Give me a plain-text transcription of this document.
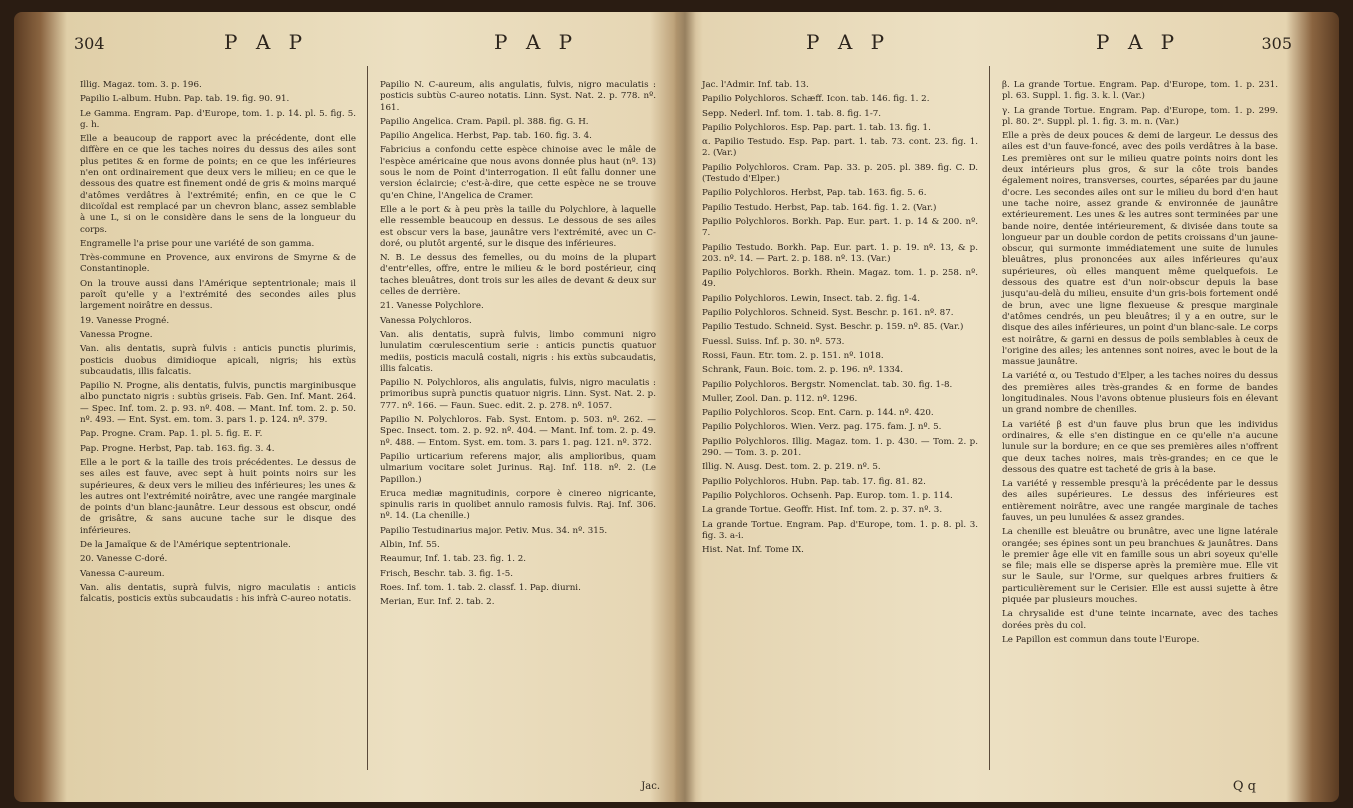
304	P A P	P A P

Illig. Magaz. tom. 3. p. 196.

Papilio L-album. Hubn. Pap. tab. 19. fig. 90. 91.

Le Gamma. Engram. Pap. d'Europe, tom. 1. p. 14. pl. 5. fig. 5. g. h.

Elle a beaucoup de rapport avec la précédente, dont elle diffère en ce que les taches noires du dessus des ailes sont plus petites & en forme de points; en ce que les inférieures n'en ont ordinairement que deux vers le milieu; en ce que le dessous des quatre est finement ondé de gris & moins marqué d'atômes verdâtres à l'extrémité; enfin, en ce que le C diicoïdal est remplacé par un chevron blanc, assez semblable à une L, si on le considère dans le sens de la longueur du corps.

Engramelle l'a prise pour une variété de son gamma.

Très-commune en Provence, aux environs de Smyrne & de Constantinople.

On la trouve aussi dans l'Amérique septentrionale; mais il paroît qu'elle y a l'extrémité des secondes ailes plus largement noirâtre en dessus.

19. Vanesse Progné.

Vanessa Progne.

Van. alis dentatis, suprà fulvis : anticis punctis plurimis, posticis duobus dimidioque apicali, nigris; his extùs subcaudatis, illis falcatis.

Papilio N. Progne, alis dentatis, fulvis, punctis marginibusque albo punctato nigris : subtùs griseis. Fab. Gen. Inf. Mant. 264. — Spec. Inf. tom. 2. p. 93. nº. 408. — Mant. Inf. tom. 2. p. 50. nº. 493. — Ent. Syst. em. tom. 3. pars 1. p. 124. nº. 379.

Pap. Progne. Cram. Pap. 1. pl. 5. fig. E. F.

Pap. Progne. Herbst, Pap. tab. 163. fig. 3. 4.

Elle a le port & la taille des trois précédentes. Le dessus de ses ailes est fauve, avec sept à huit points noirs sur les supérieures, & deux vers le milieu des inférieures; les unes & les autres ont l'extrémité noirâtre, avec une rangée marginale de points d'un blanc-jaunâtre. Leur dessous est obscur, ondé de grisâtre, & sans aucune tache sur le disque des inférieures.

De la Jamaïque & de l'Amérique septentrionale.

20. Vanesse C-doré.

Vanessa C-aureum.

Van. alis dentatis, suprà fulvis, nigro maculatis : anticis falcatis, posticis extùs subcaudatis : his infrà C-aureo notatis.

Papilio N. C-aureum, alis angulatis, fulvis, nigro maculatis : posticis subtùs C-aureo notatis. Linn. Syst. Nat. 2. p. 778. nº. 161.

Papilio Angelica. Cram. Papil. pl. 388. fig. G. H.

Papilio Angelica. Herbst, Pap. tab. 160. fig. 3. 4.

Fabricius a confondu cette espèce chinoise avec le mâle de l'espèce américaine que nous avons donnée plus haut (nº. 13) sous le nom de Point d'interrogation. Il eût fallu donner une version éclaircie; c'est-à-dire, que cette espèce ne se trouve qu'en Chine, l'Angelica de Cramer.

Elle a le port & à peu près la taille du Polychlore, à laquelle elle ressemble beaucoup en dessus. Le dessous de ses ailes est obscur vers la base, jaunâtre vers l'extrémité, avec un C-doré, ou plutôt argenté, sur le disque des inférieures.

N. B. Le dessus des femelles, ou du moins de la plupart d'entr'elles, offre, entre le milieu & le bord postérieur, cinq taches bleuâtres, dont trois sur les ailes de devant & deux sur celles de derrière.

21. Vanesse Polychlore.

Vanessa Polychloros.

Van. alis dentatis, suprà fulvis, limbo communi nigro lunulatim cœrulescentium serie : anticis punctis quatuor mediis, posticis maculâ costali, nigris : his extùs subcaudatis, illis falcatis.

Papilio N. Polychloros, alis angulatis, fulvis, nigro maculatis : primoribus suprà punctis quatuor nigris. Linn. Syst. Nat. 2. p. 777. nº. 166. — Faun. Suec. edit. 2. p. 278. nº. 1057.

Papilio N. Polychloros. Fab. Syst. Entom. p. 503. nº. 262. — Spec. Insect. tom. 2. p. 92. nº. 404. — Mant. Inf. tom. 2. p. 49. nº. 488. — Entom. Syst. em. tom. 3. pars 1. pag. 121. nº. 372.

Papilio urticarium referens major, alis amplioribus, quam ulmarium vocitare solet Jurinus. Raj. Inf. 118. nº. 2. (Le Papillon.)

Eruca mediæ magnitudinis, corpore è cinereo nigricante, spinulis raris in quolibet annulo ramosis fulvis. Raj. Inf. 306. nº. 14. (La chenille.)

Papilio Testudinarius major. Petiv. Mus. 34. nº. 315.

Albin, Inf. 55.

Reaumur, Inf. 1. tab. 23. fig. 1. 2.

Frisch, Beschr. tab. 3. fig. 1-5.

Roes. Inf. tom. 1. tab. 2. classf. 1. Pap. diurni.

Merian, Eur. Inf. 2. tab. 2.

Jac.
P A P	P A P	305

Jac. l'Admir. Inf. tab. 13.

Papilio Polychloros. Schæff. Icon. tab. 146. fig. 1. 2.

Sepp. Nederl. Inf. tom. 1. tab. 8. fig. 1-7.

Papilio Polychloros. Esp. Pap. part. 1. tab. 13. fig. 1.

α. Papilio Testudo. Esp. Pap. part. 1. tab. 73. cont. 23. fig. 1. 2. (Var.)

Papilio Polychloros. Cram. Pap. 33. p. 205. pl. 389. fig. C. D. (Testudo d'Elper.)

Papilio Polychloros. Herbst, Pap. tab. 163. fig. 5. 6.

Papilio Testudo. Herbst, Pap. tab. 164. fig. 1. 2. (Var.)

Papilio Polychloros. Borkh. Pap. Eur. part. 1. p. 14 & 200. nº. 7.

Papilio Testudo. Borkh. Pap. Eur. part. 1. p. 19. nº. 13, & p. 203. nº. 14. — Part. 2. p. 188. nº. 13. (Var.)

Papilio Polychloros. Borkh. Rhein. Magaz. tom. 1. p. 258. nº. 49.

Papilio Polychloros. Lewin, Insect. tab. 2. fig. 1-4.

Papilio Polychloros. Schneid. Syst. Beschr. p. 161. nº. 87.

Papilio Testudo. Schneid. Syst. Beschr. p. 159. nº. 85. (Var.)

Fuessl. Suiss. Inf. p. 30. nº. 573.

Rossi, Faun. Etr. tom. 2. p. 151. nº. 1018.

Schrank, Faun. Boic. tom. 2. p. 196. nº. 1334.

Papilio Polychloros. Bergstr. Nomenclat. tab. 30. fig. 1-8.

Muller, Zool. Dan. p. 112. nº. 1296.

Papilio Polychloros. Scop. Ent. Carn. p. 144. nº. 420.

Papilio Polychloros. Wien. Verz. pag. 175. fam. J. nº. 5.

Papilio Polychloros. Illig. Magaz. tom. 1. p. 430. — Tom. 2. p. 290. — Tom. 3. p. 201.

Illig. N. Ausg. Dest. tom. 2. p. 219. nº. 5.

Papilio Polychloros. Hubn. Pap. tab. 17. fig. 81. 82.

Papilio Polychloros. Ochsenh. Pap. Europ. tom. 1. p. 114.

La grande Tortue. Geoffr. Hist. Inf. tom. 2. p. 37. nº. 3.

La grande Tortue. Engram. Pap. d'Europe, tom. 1. p. 8. pl. 3. fig. 3. a-i.

Hist. Nat. Inf. Tome IX.

β. La grande Tortue. Engram. Pap. d'Europe, tom. 1. p. 231. pl. 63. Suppl. 1. fig. 3. k. l. (Var.)

γ. La grande Tortue. Engram. Pap. d'Europe, tom. 1. p. 299. pl. 80. 2ᵉ. Suppl. pl. 1. fig. 3. m. n. (Var.)

Elle a près de deux pouces & demi de largeur. Le dessus des ailes est d'un fauve-foncé, avec des poils verdâtres à la base. Les premières ont sur le milieu quatre points noirs dont les deux intérieurs plus gros, & sur la côte trois bandes également noires, transverses, courtes, séparées par du jaune d'ocre. Les secondes ailes ont sur le milieu du bord d'en haut une tache noire, assez grande & environnée de jaunâtre extérieurement. Les unes & les autres sont terminées par une bande noire, dentée intérieurement, & divisée dans toute sa longueur par un double cordon de petits croissans d'un jaune-obscur, qui surmonte immédiatement une suite de lunules bleuâtres, plus prononcées aux ailes inférieures qu'aux supérieures, où elles manquent même quelquefois. Le dessous des quatre est d'un noir-obscur depuis la base jusqu'au-delà du milieu, ensuite d'un gris-bois fortement ondé de brun, avec une ligne flexueuse & presque marginale d'atômes cendrés, un peu bleuâtres; il y a en outre, sur le disque des ailes inférieures, un point d'un blanc-sale. Le corps est noirâtre, & garni en dessus de poils semblables à ceux de l'origine des ailes; les antennes sont noires, avec le bout de la massue jaunâtre.

La variété α, ou Testudo d'Elper, a les taches noires du dessus des premières ailes très-grandes & en forme de bandes longitudinales. Nous l'avons obtenue plusieurs fois en élevant un grand nombre de chenilles.

La variété β est d'un fauve plus brun que les individus ordinaires, & elle s'en distingue en ce qu'elle n'a aucune lunule sur la bordure; en ce que ses premières ailes n'offrent que deux taches noires, mais très-grandes; en ce que le dessous des quatre est tacheté de gris à la base.

La variété γ ressemble presqu'à la précédente par le dessus des ailes supérieures. Le dessus des inférieures est entièrement noirâtre, avec une rangée marginale de taches fauves, un peu lunulées & assez grandes.

La chenille est bleuâtre ou brunâtre, avec une ligne latérale orangée; ses épines sont un peu branchues & jaunâtres. Dans le premier âge elle vit en famille sous un abri soyeux qu'elle se file; mais elle se disperse après la première mue. Elle vit sur le Saule, sur l'Orme, sur quelques arbres fruitiers & particulièrement sur le Cerisier. Elle est aussi sujette à être piquée par plusieurs mouches.

La chrysalide est d'une teinte incarnate, avec des taches dorées près du col.

Le Papillon est commun dans toute l'Europe.

Q q
